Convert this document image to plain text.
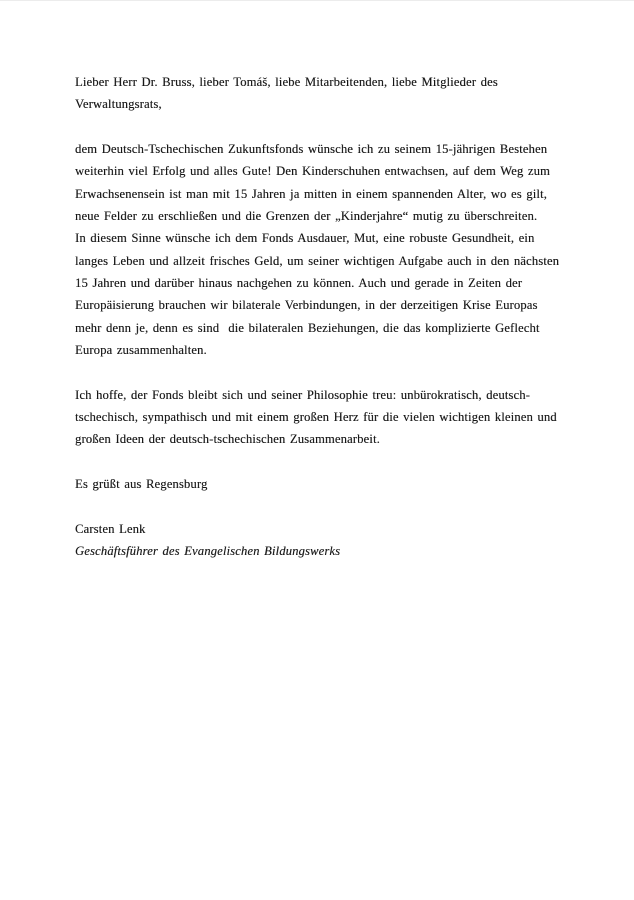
Lieber Herr Dr. Bruss, lieber Tomáš, liebe Mitarbeitenden, liebe Mitglieder des
Verwaltungsrats,
dem Deutsch-Tschechischen Zukunftsfonds wünsche ich zu seinem 15-jährigen Bestehen
weiterhin viel Erfolg und alles Gute! Den Kinderschuhen entwachsen, auf dem Weg zum
Erwachsenensein ist man mit 15 Jahren ja mitten in einem spannenden Alter, wo es gilt,
neue Felder zu erschließen und die Grenzen der „Kinderjahre“ mutig zu überschreiten.
In diesem Sinne wünsche ich dem Fonds Ausdauer, Mut, eine robuste Gesundheit, ein
langes Leben und allzeit frisches Geld, um seiner wichtigen Aufgabe auch in den nächsten
15 Jahren und darüber hinaus nachgehen zu können. Auch und gerade in Zeiten der
Europäisierung brauchen wir bilaterale Verbindungen, in der derzeitigen Krise Europas
mehr denn je, denn es sind  die bilateralen Beziehungen, die das komplizierte Geflecht
Europa zusammenhalten.
Ich hoffe, der Fonds bleibt sich und seiner Philosophie treu: unbürokratisch, deutsch-
tschechisch, sympathisch und mit einem großen Herz für die vielen wichtigen kleinen und
großen Ideen der deutsch-tschechischen Zusammenarbeit.
Es grüßt aus Regensburg
Carsten Lenk
Geschäftsführer des Evangelischen Bildungswerks
